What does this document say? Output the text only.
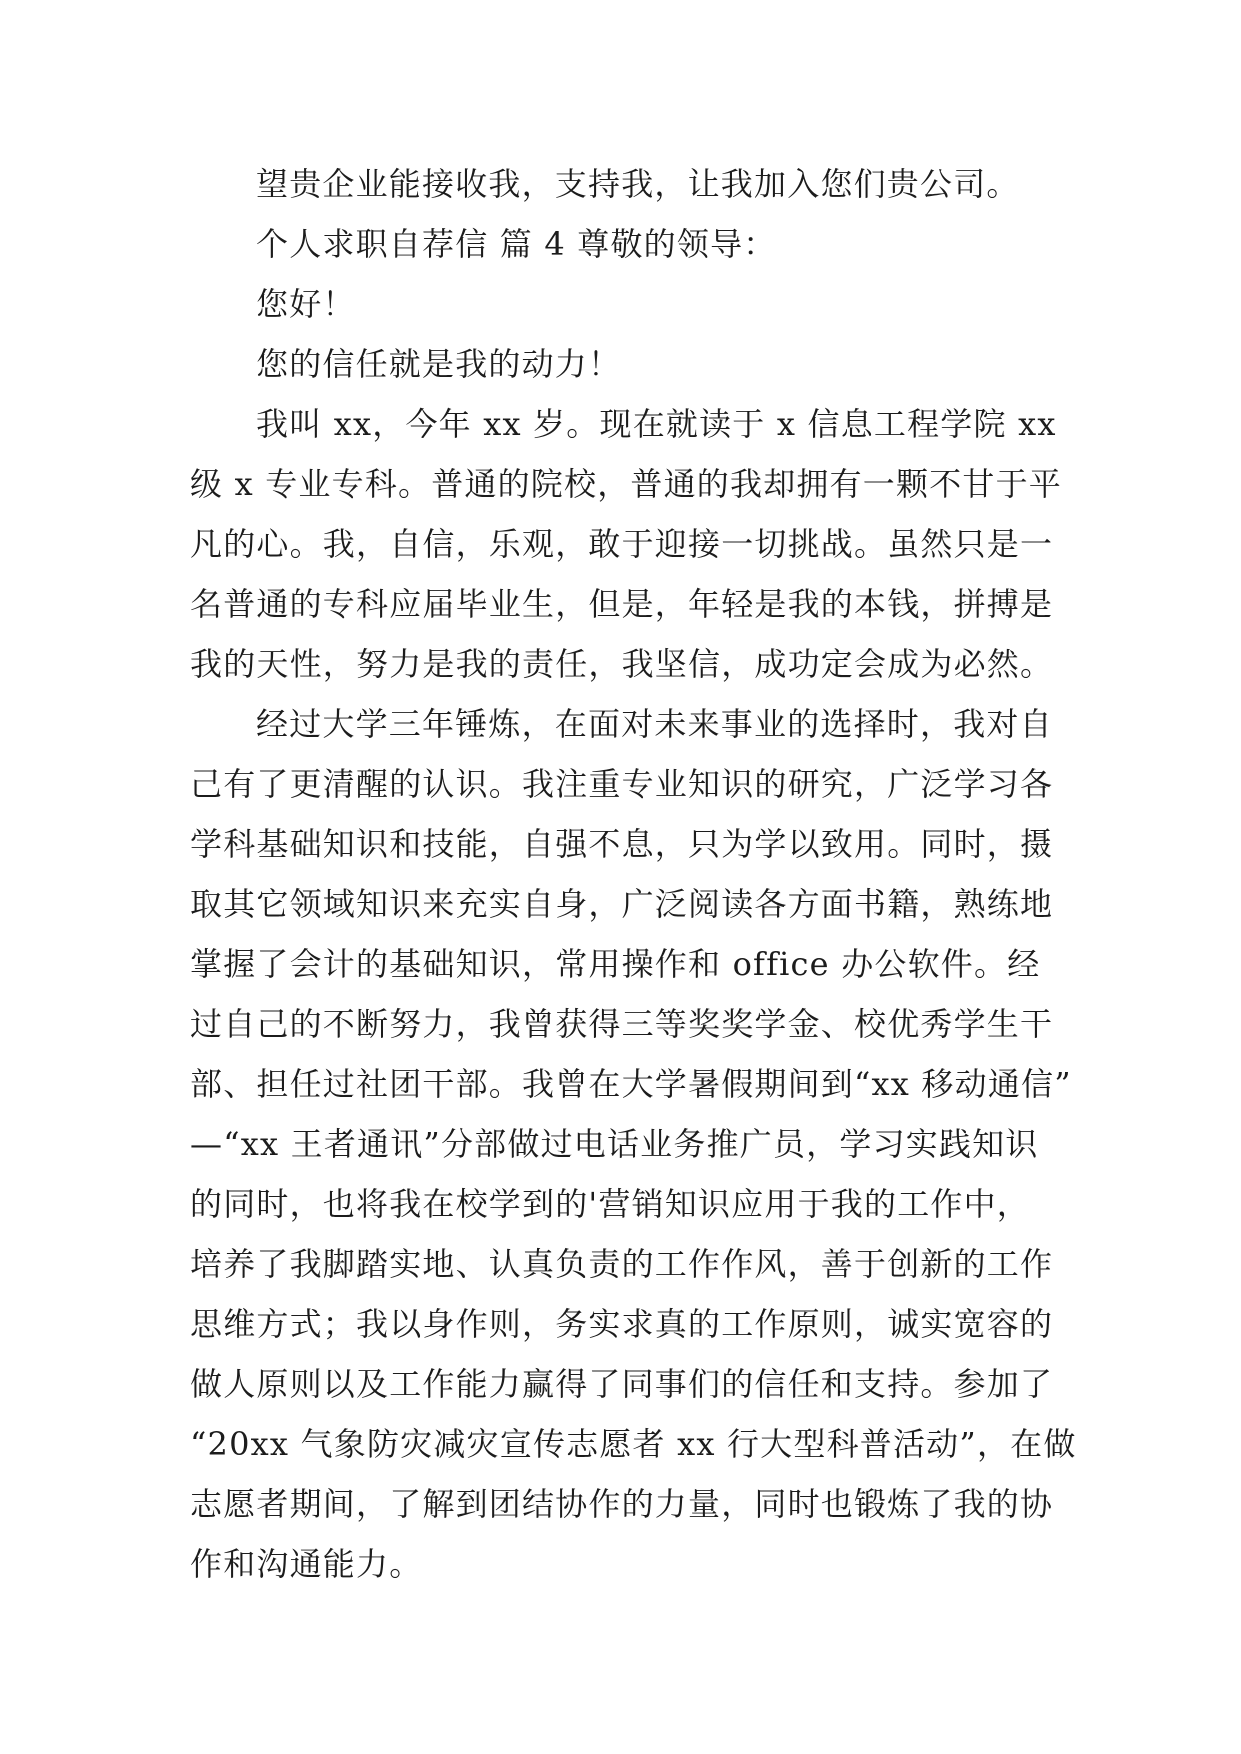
望贵企业能接收我，支持我，让我加入您们贵公司。
个人求职自荐信 篇 4 尊敬的领导：
您好！
您的信任就是我的动力！
我叫 xx，今年 xx 岁。现在就读于 x 信息工程学院 xx
级 x 专业专科。普通的院校，普通的我却拥有一颗不甘于平
凡的心。我，自信，乐观，敢于迎接一切挑战。虽然只是一
名普通的专科应届毕业生，但是，年轻是我的本钱，拼搏是
我的天性，努力是我的责任，我坚信，成功定会成为必然。
经过大学三年锤炼，在面对未来事业的选择时，我对自
己有了更清醒的认识。我注重专业知识的研究，广泛学习各
学科基础知识和技能，自强不息，只为学以致用。同时，摄
取其它领域知识来充实自身，广泛阅读各方面书籍，熟练地
掌握了会计的基础知识，常用操作和 office 办公软件。经
过自己的不断努力，我曾获得三等奖奖学金、校优秀学生干
部、担任过社团干部。我曾在大学暑假期间到“xx 移动通信”
—“xx 王者通讯”分部做过电话业务推广员，学习实践知识
的同时，也将我在校学到的'营销知识应用于我的工作中，
培养了我脚踏实地、认真负责的工作作风，善于创新的工作
思维方式；我以身作则，务实求真的工作原则，诚实宽容的
做人原则以及工作能力赢得了同事们的信任和支持。参加了
“20xx 气象防灾减灾宣传志愿者 xx 行大型科普活动”，在做
志愿者期间，了解到团结协作的力量，同时也锻炼了我的协
作和沟通能力。
